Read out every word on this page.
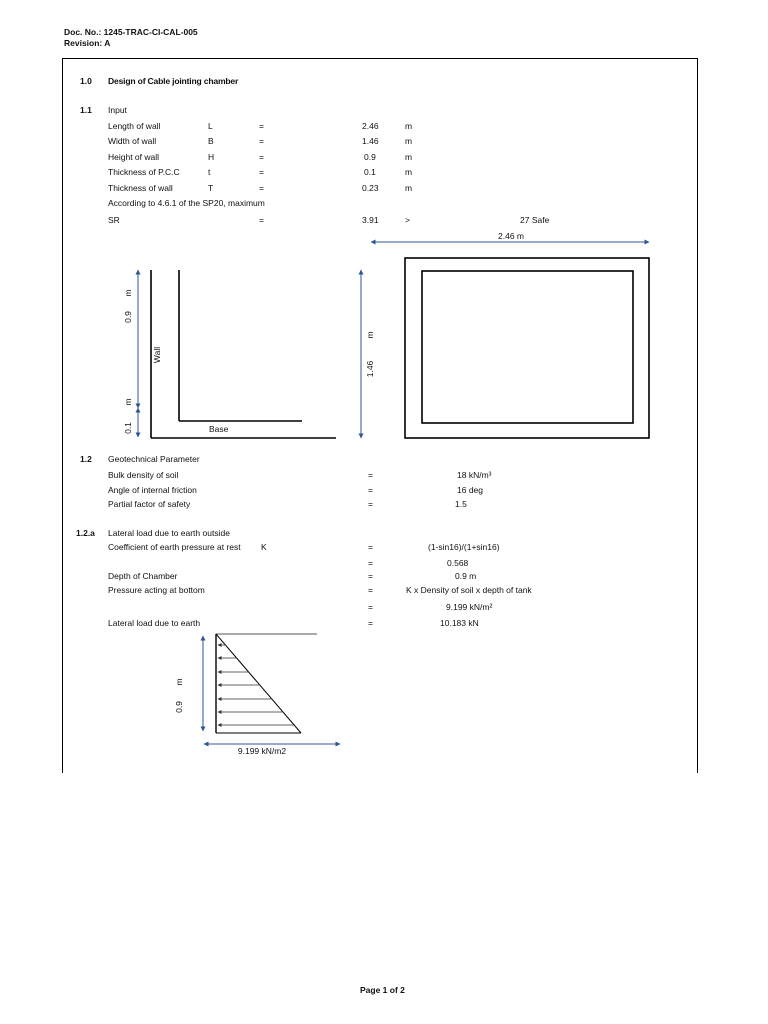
Doc. No.: 1245-TRAC-CI-CAL-005
Revision: A
1.0 Design of Cable jointing chamber
1.1 Input
Length of wall	L	=	2.46	m
Width of wall	B	=	1.46	m
Height of wall	H	=	0.9	m
Thickness of P.C.C	t	=	0.1	m
Thickness of wall	T	=	0.23	m
According to 4.6.1 of the SP20, maximum
SR	=	3.91	>	27 Safe
0.9
m
0.1
m
Wall
Base
2.46 m
1.46
m
0.9
m
9.199 kN/m2
1.2 Geotechnical Parameter
Bulk density of soil	=	18 kN/m³
Angle of internal friction	=	16 deg
Partial factor of safety	=	1.5
1.2.a Lateral load due to earth outside
Coefficient of earth pressure at rest K	=	(1-sin16)/(1+sin16)
=	0.568
Depth of Chamber	=	0.9 m
Pressure acting at bottom	=	K x Density of soil x depth of tank
=	9.199 kN/m²
Lateral load due to earth	=	10.183 kN
Page 1 of 2
